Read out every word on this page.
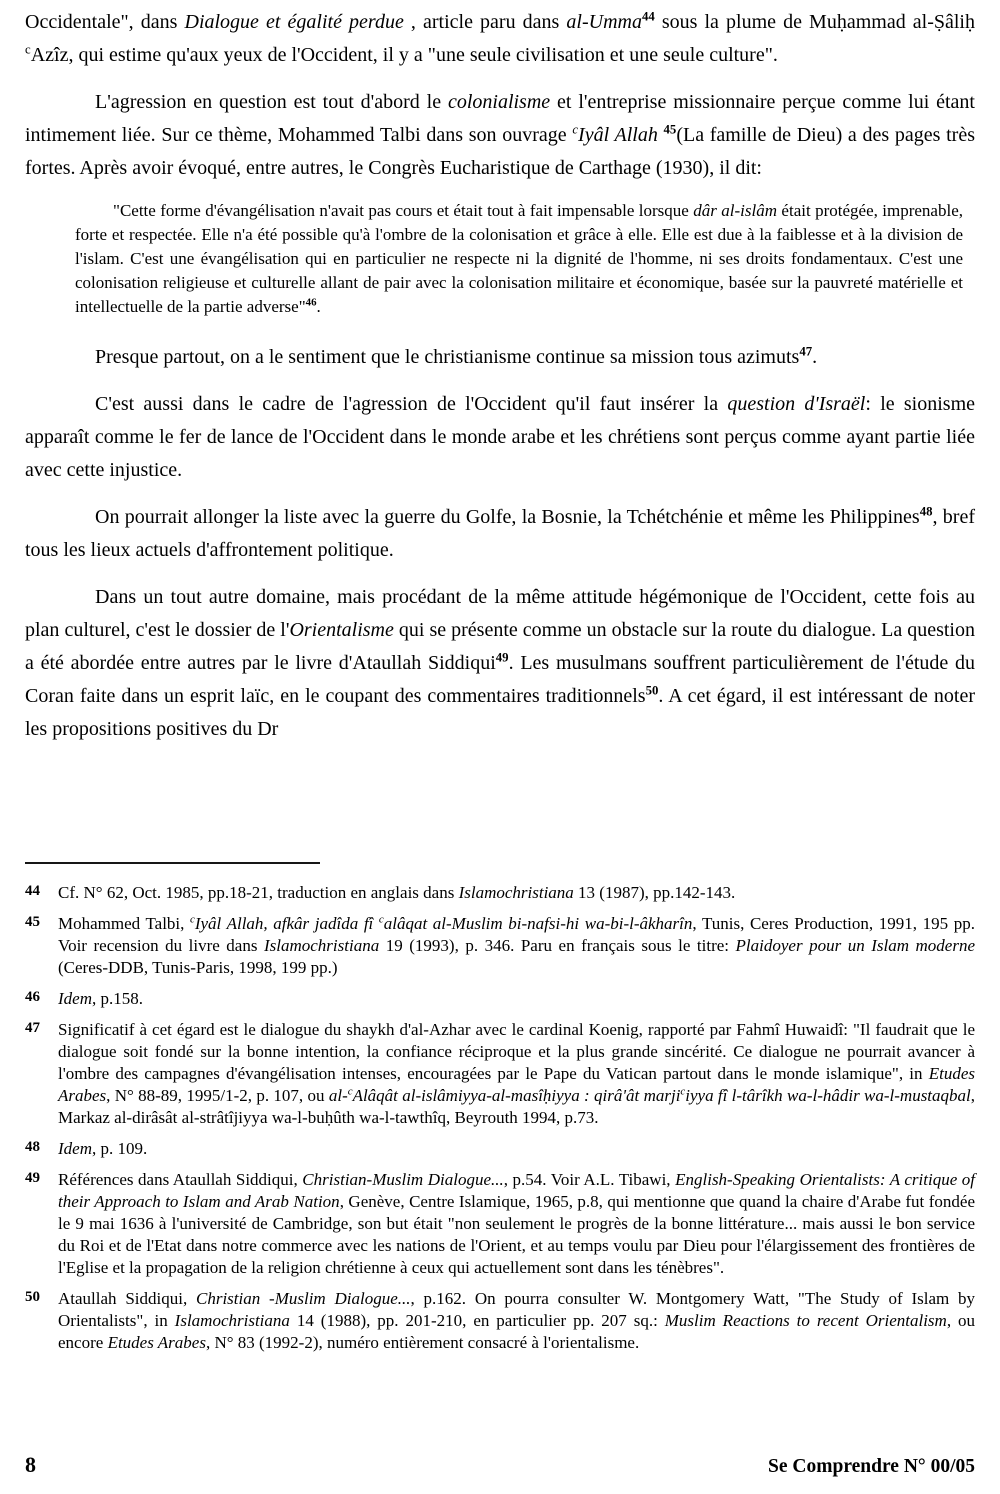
Occidentale", dans Dialogue et égalité perdue , article paru dans al-Umma$^{44}$ sous la plume de Muḥammad al-Ṣâliḥ $^c$Azîz, qui estime qu'aux yeux de l'Occident, il y a "une seule civilisation et une seule culture".

L'agression en question est tout d'abord le colonialisme et l'entreprise missionnaire perçue comme lui étant intimement liée. Sur ce thème, Mohammed Talbi dans son ouvrage $^c$Iyâl Allah $^{45}$(La famille de Dieu) a des pages très fortes. Après avoir évoqué, entre autres, le Congrès Eucharistique de Carthage (1930), il dit:

"Cette forme d'évangélisation n'avait pas cours et était tout à fait impensable lorsque dâr al-islâm était protégée, imprenable, forte et respectée. Elle n'a été possible qu'à l'ombre de la colonisation et grâce à elle. Elle est due à la faiblesse et à la division de l'islam. C'est une évangélisation qui en particulier ne respecte ni la dignité de l'homme, ni ses droits fondamentaux. C'est une colonisation religieuse et culturelle allant de pair avec la colonisation militaire et économique, basée sur la pauvreté matérielle et intellectuelle de la partie adverse"$^{46}$.

Presque partout, on a le sentiment que le christianisme continue sa mission tous azimuts$^{47}$.

C'est aussi dans le cadre de l'agression de l'Occident qu'il faut insérer la question d'Israël: le sionisme apparaît comme le fer de lance de l'Occident dans le monde arabe et les chrétiens sont perçus comme ayant partie liée avec cette injustice.

On pourrait allonger la liste avec la guerre du Golfe, la Bosnie, la Tchétchénie et même les Philippines$^{48}$, bref tous les lieux actuels d'affrontement politique.

Dans un tout autre domaine, mais procédant de la même attitude hégémonique de l'Occident, cette fois au plan culturel, c'est le dossier de l'Orientalisme qui se présente comme un obstacle sur la route du dialogue. La question a été abordée entre autres par le livre d'Ataullah Siddiqui$^{49}$. Les musulmans souffrent particulièrement de l'étude du Coran faite dans un esprit laïc, en le coupant des commentaires traditionnels$^{50}$. A cet égard, il est intéressant de noter les propositions positives du Dr

44 Cf. N° 62, Oct. 1985, pp.18-21, traduction en anglais dans Islamochristiana 13 (1987), pp.142-143.
45 Mohammed Talbi, $^c$Iyâl Allah, afkâr jadîda fî $^c$alâqat al-Muslim bi-nafsi-hi wa-bi-l-âkharîn, Tunis, Ceres Production, 1991, 195 pp. Voir recension du livre dans Islamochristiana 19 (1993), p. 346. Paru en français sous le titre: Plaidoyer pour un Islam moderne (Ceres-DDB, Tunis-Paris, 1998, 199 pp.)
46 Idem, p.158.
47 Significatif à cet égard est le dialogue du shaykh d'al-Azhar avec le cardinal Koenig, rapporté par Fahmî Huwaidî: "Il faudrait que le dialogue soit fondé sur la bonne intention, la confiance réciproque et la plus grande sincérité. Ce dialogue ne pourrait avancer à l'ombre des campagnes d'évangélisation intenses, encouragées par le Pape du Vatican partout dans le monde islamique", in Etudes Arabes, N° 88-89, 1995/1-2, p. 107, ou al-$^c$Alâqât al-islâmiyya-al-masîḥiyya : qirâ'ât marji$^c$iyya fî l-târîkh wa-l-hâdir wa-l-mustaqbal, Markaz al-dirâsât al-strâtîjiyya wa-l-buḥûth wa-l-tawthîq, Beyrouth 1994, p.73.
48 Idem, p. 109.
49 Références dans Ataullah Siddiqui, Christian-Muslim Dialogue..., p.54. Voir A.L. Tibawi, English-Speaking Orientalists: A critique of their Approach to Islam and Arab Nation, Genève, Centre Islamique, 1965, p.8, qui mentionne que quand la chaire d'Arabe fut fondée le 9 mai 1636 à l'université de Cambridge, son but était "non seulement le progrès de la bonne littérature... mais aussi le bon service du Roi et de l'Etat dans notre commerce avec les nations de l'Orient, et au temps voulu par Dieu pour l'élargissement des frontières de l'Eglise et la propagation de la religion chrétienne à ceux qui actuellement sont dans les ténèbres".
50 Ataullah Siddiqui, Christian -Muslim Dialogue..., p.162. On pourra consulter W. Montgomery Watt, "The Study of Islam by Orientalists", in Islamochristiana 14 (1988), pp. 201-210, en particulier pp. 207 sq.: Muslim Reactions to recent Orientalism, ou encore Etudes Arabes, N° 83 (1992-2), numéro entièrement consacré à l'orientalisme.
8	Se Comprendre N° 00/05
